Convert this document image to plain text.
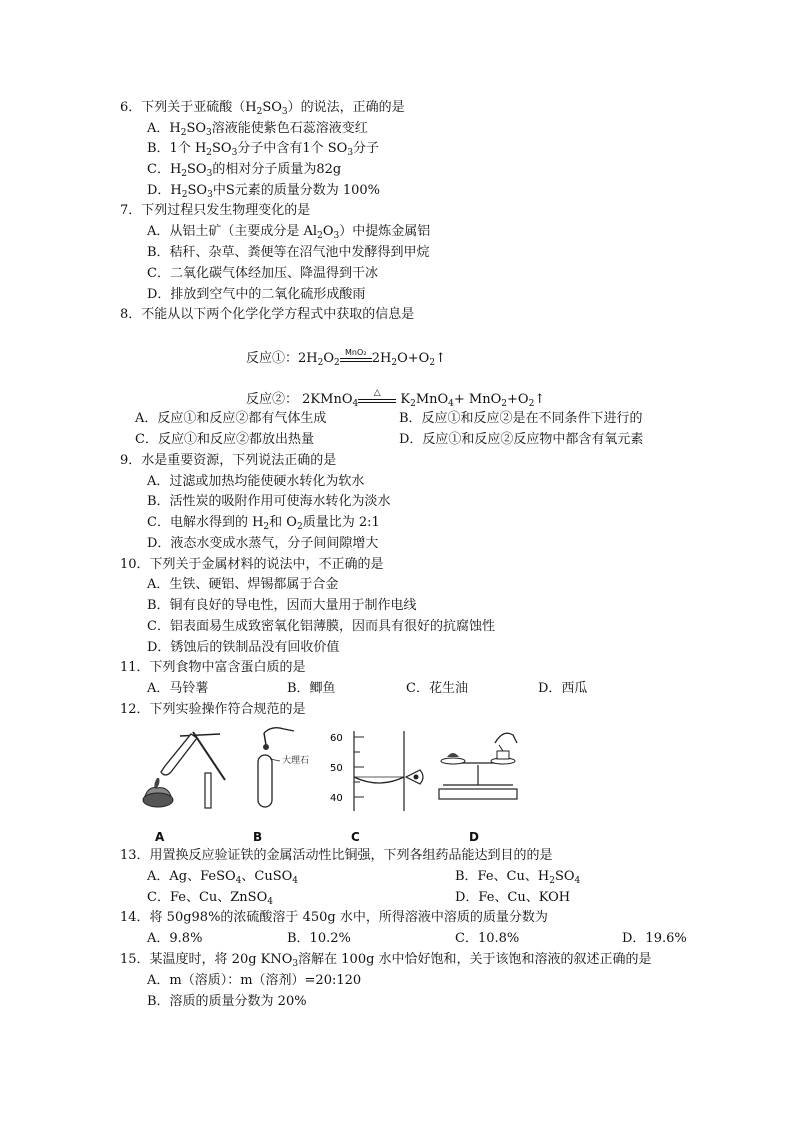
6．下列关于亚硫酸$(H_2SO_3)$的说法，正确的是
A．$H_2SO_3$溶液能使紫色石蕊溶液变红
B．1个 $H_2SO_3$分子中含有1个 $SO_3$分子
C．$H_2SO_3$的相对分子质量为82g
D．$H_2SO_3$中S元素的质量分数为 100%
7．下列过程只发生物理变化的是
A．从铝土矿（主要成分是 $Al_2O_3$）中提炼金属铝
B．秸秆、杂草、粪便等在沼气池中发酵得到甲烷
C．二氧化碳气体经加压、降温得到干冰
D．排放到空气中的二氧化硫形成酸雨
8．不能从以下两个化学化学方程式中获取的信息是
反应①：$2H_2O_2$
MnO₂ $2H_2O+O_2↑$
反应②： 2KMnO$_4$
△	$K_2MnO_4+$ $MnO_2+O_2↑$
A．反应①和反应②都有气体生成	B．反应①和反应②是在不同条件下进行的
C．反应①和反应②都放出热量	D．反应①和反应②反应物中都含有氧元素
9．水是重要资源，下列说法正确的是
A．过滤或加热均能使硬水转化为软水
B．活性炭的吸附作用可使海水转化为淡水
C．电解水得到的 $H_2$和 $O_2$质量比为 2:1
D．液态水变成水蒸气，分子间间隙增大
10．下列关于金属材料的说法中，不正确的是
A．生铁、硬铝、焊锡都属于合金
B．铜有良好的导电性，因而大量用于制作电线
C．铝表面易生成致密氧化铝薄膜，因而具有很好的抗腐蚀性
D．锈蚀后的铁制品没有回收价值
11．下列食物中富含蛋白质的是
A．马铃薯	B．鲫鱼	C．花生油	D．西瓜
12．下列实验操作符合规范的是
大理石
60
50
40
A	B	C	D
13．用置换反应验证铁的金属活动性比铜强，下列各组药品能达到目的的是
A．Ag、FeSO$_4$、CuSO$_4$	B．Fe、Cu、$H_2SO_4$
C．Fe、Cu、ZnSO$_4$	D．Fe、Cu、KOH
14．将 50g98%的浓硫酸溶于 450g 水中，所得溶液中溶质的质量分数为
A．9.8%	B．10.2%	C．10.8%	D．19.6%
15．某温度时，将 20g $KNO_3$溶解在 100g 水中恰好饱和，关于该饱和溶液的叙述正确的是
A．m（溶质）：m（溶剂）=20:120
B．溶质的质量分数为 20%
